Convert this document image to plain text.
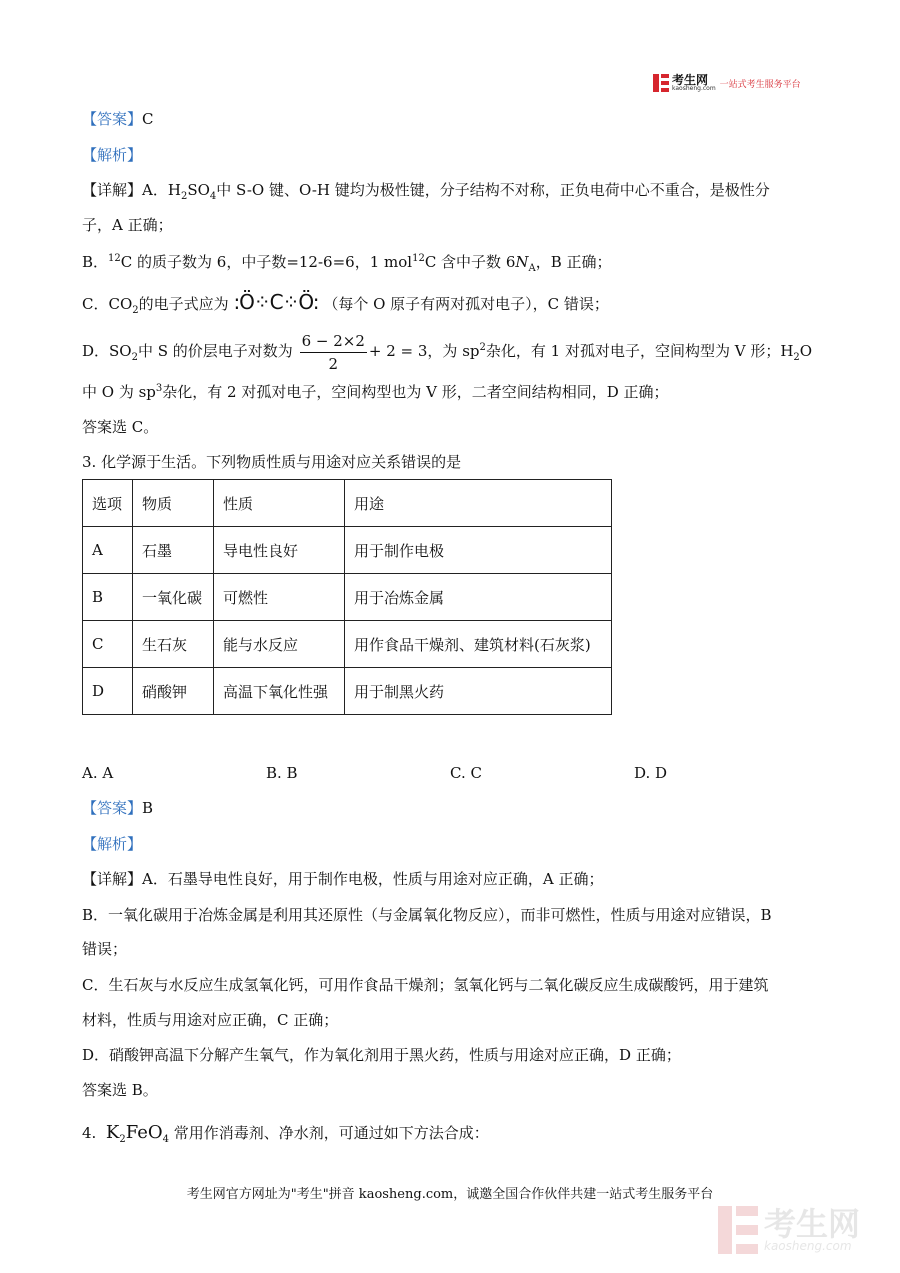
考生网
kaosheng.com 一站式考生服务平台
【答案】C
【解析】
【详解】A．$H_2SO_4$中 S-O 键、O-H 键均为极性键，分子结构不对称，正负电荷中心不重合，是极性分
子，A 正确；
B．$^{12}$C 的质子数为 6，中子数=12-6=6，1 mol$^{12}$C 含中子数 $6N_A$，B 正确；
C．$CO_2$的电子式应为 :Ö⁘C⁘Ö: （每个 O 原子有两对孤对电子），C 错误；
D．$SO_2$中 S 的价层电子对数为 $\frac{6 - 2\times 2}{2} + 2 = 3$，为 $sp^2$杂化，有 1 对孤对电子，空间构型为 V 形；$H_2O$
中 O 为 $sp^3$杂化，有 2 对孤对电子，空间构型也为 V 形，二者空间结构相同，D 正确；
答案选 C。
3. 化学源于生活。下列物质性质与用途对应关系错误的是
选项	物质	性质	用途
A	石墨	导电性良好	用于制作电极
B	一氧化碳	可燃性	用于冶炼金属
C	生石灰	能与水反应	用作食品干燥剂、建筑材料(石灰浆)
D	硝酸钾	高温下氧化性强	用于制黑火药
A. A	B. B	C. C	D. D
【答案】B
【解析】
【详解】A．石墨导电性良好，用于制作电极，性质与用途对应正确，A 正确；
B．一氧化碳用于冶炼金属是利用其还原性（与金属氧化物反应），而非可燃性，性质与用途对应错误，B
错误；
C．生石灰与水反应生成氢氧化钙，可用作食品干燥剂；氢氧化钙与二氧化碳反应生成碳酸钙，用于建筑
材料，性质与用途对应正确，C 正确；
D．硝酸钾高温下分解产生氧气，作为氧化剂用于黑火药，性质与用途对应正确，D 正确；
答案选 B。
4. $K_2FeO_4$ 常用作消毒剂、净水剂，可通过如下方法合成：
考生网官方网址为"考生"拼音 kaosheng.com，诚邀全国合作伙伴共建一站式考生服务平台
考生网
kaosheng.com
